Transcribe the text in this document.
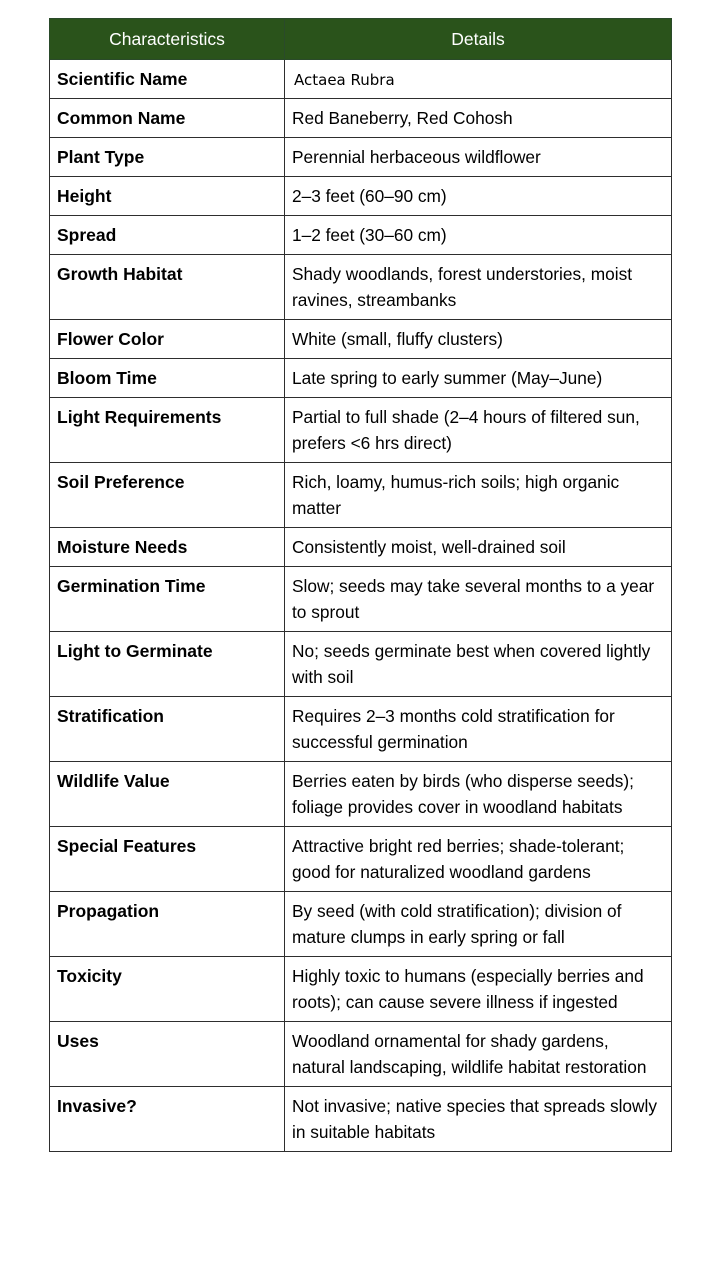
Characteristics	Details
Scientific Name	Actaea Rubra
Common Name	Red Baneberry, Red Cohosh
Plant Type	Perennial herbaceous wildflower
Height	2–3 feet (60–90 cm)
Spread	1–2 feet (30–60 cm)
Growth Habitat	Shady woodlands, forest understories, moist ravines, streambanks
Flower Color	White (small, fluffy clusters)
Bloom Time	Late spring to early summer (May–June)
Light Requirements	Partial to full shade (2–4 hours of filtered sun, prefers <6 hrs direct)
Soil Preference	Rich, loamy, humus-rich soils; high organic matter
Moisture Needs	Consistently moist, well-drained soil
Germination Time	Slow; seeds may take several months to a year to sprout
Light to Germinate	No; seeds germinate best when covered lightly with soil
Stratification	Requires 2–3 months cold stratification for successful germination
Wildlife Value	Berries eaten by birds (who disperse seeds); foliage provides cover in woodland habitats
Special Features	Attractive bright red berries; shade-tolerant; good for naturalized woodland gardens
Propagation	By seed (with cold stratification); division of mature clumps in early spring or fall
Toxicity	Highly toxic to humans (especially berries and roots); can cause severe illness if ingested
Uses	Woodland ornamental for shady gardens, natural landscaping, wildlife habitat restoration
Invasive?	Not invasive; native species that spreads slowly in suitable habitats
